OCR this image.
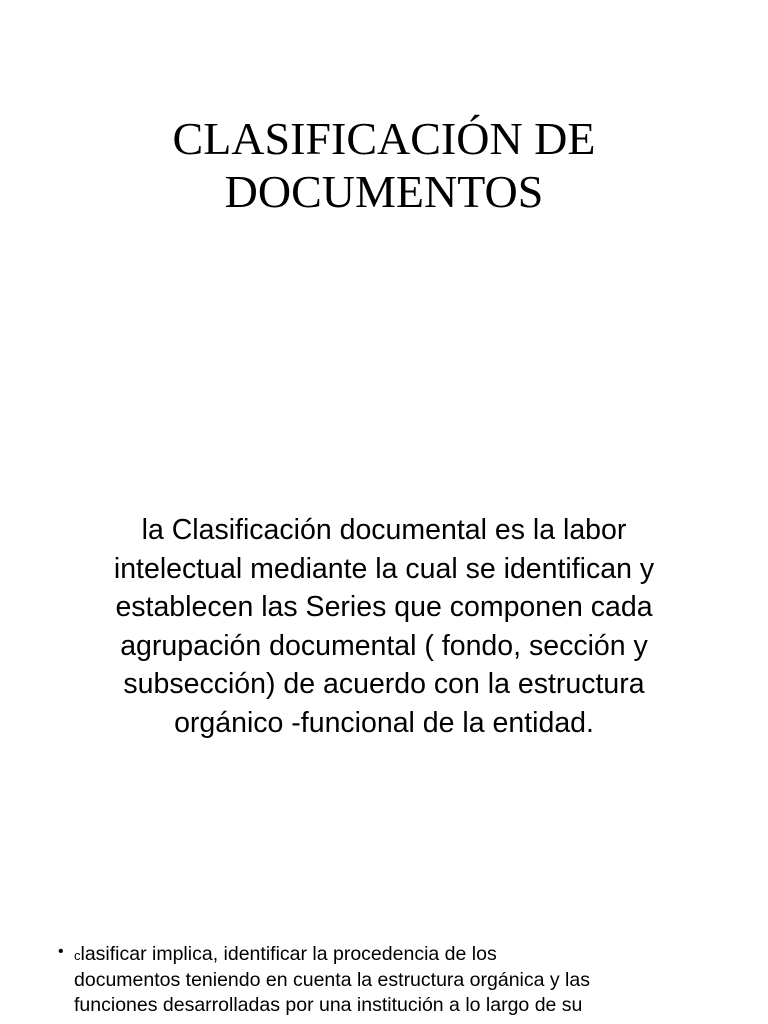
CLASIFICACIÓN DE
DOCUMENTOS

la Clasificación documental es la labor
intelectual mediante la cual se identifican y
establecen las Series que componen cada
agrupación documental ( fondo, sección y
subsección) de acuerdo con la estructura
orgánico -funcional de la entidad.

• clasificar implica, identificar la procedencia de los
documentos teniendo en cuenta la estructura orgánica y las
funciones desarrolladas por una institución a lo largo de su
